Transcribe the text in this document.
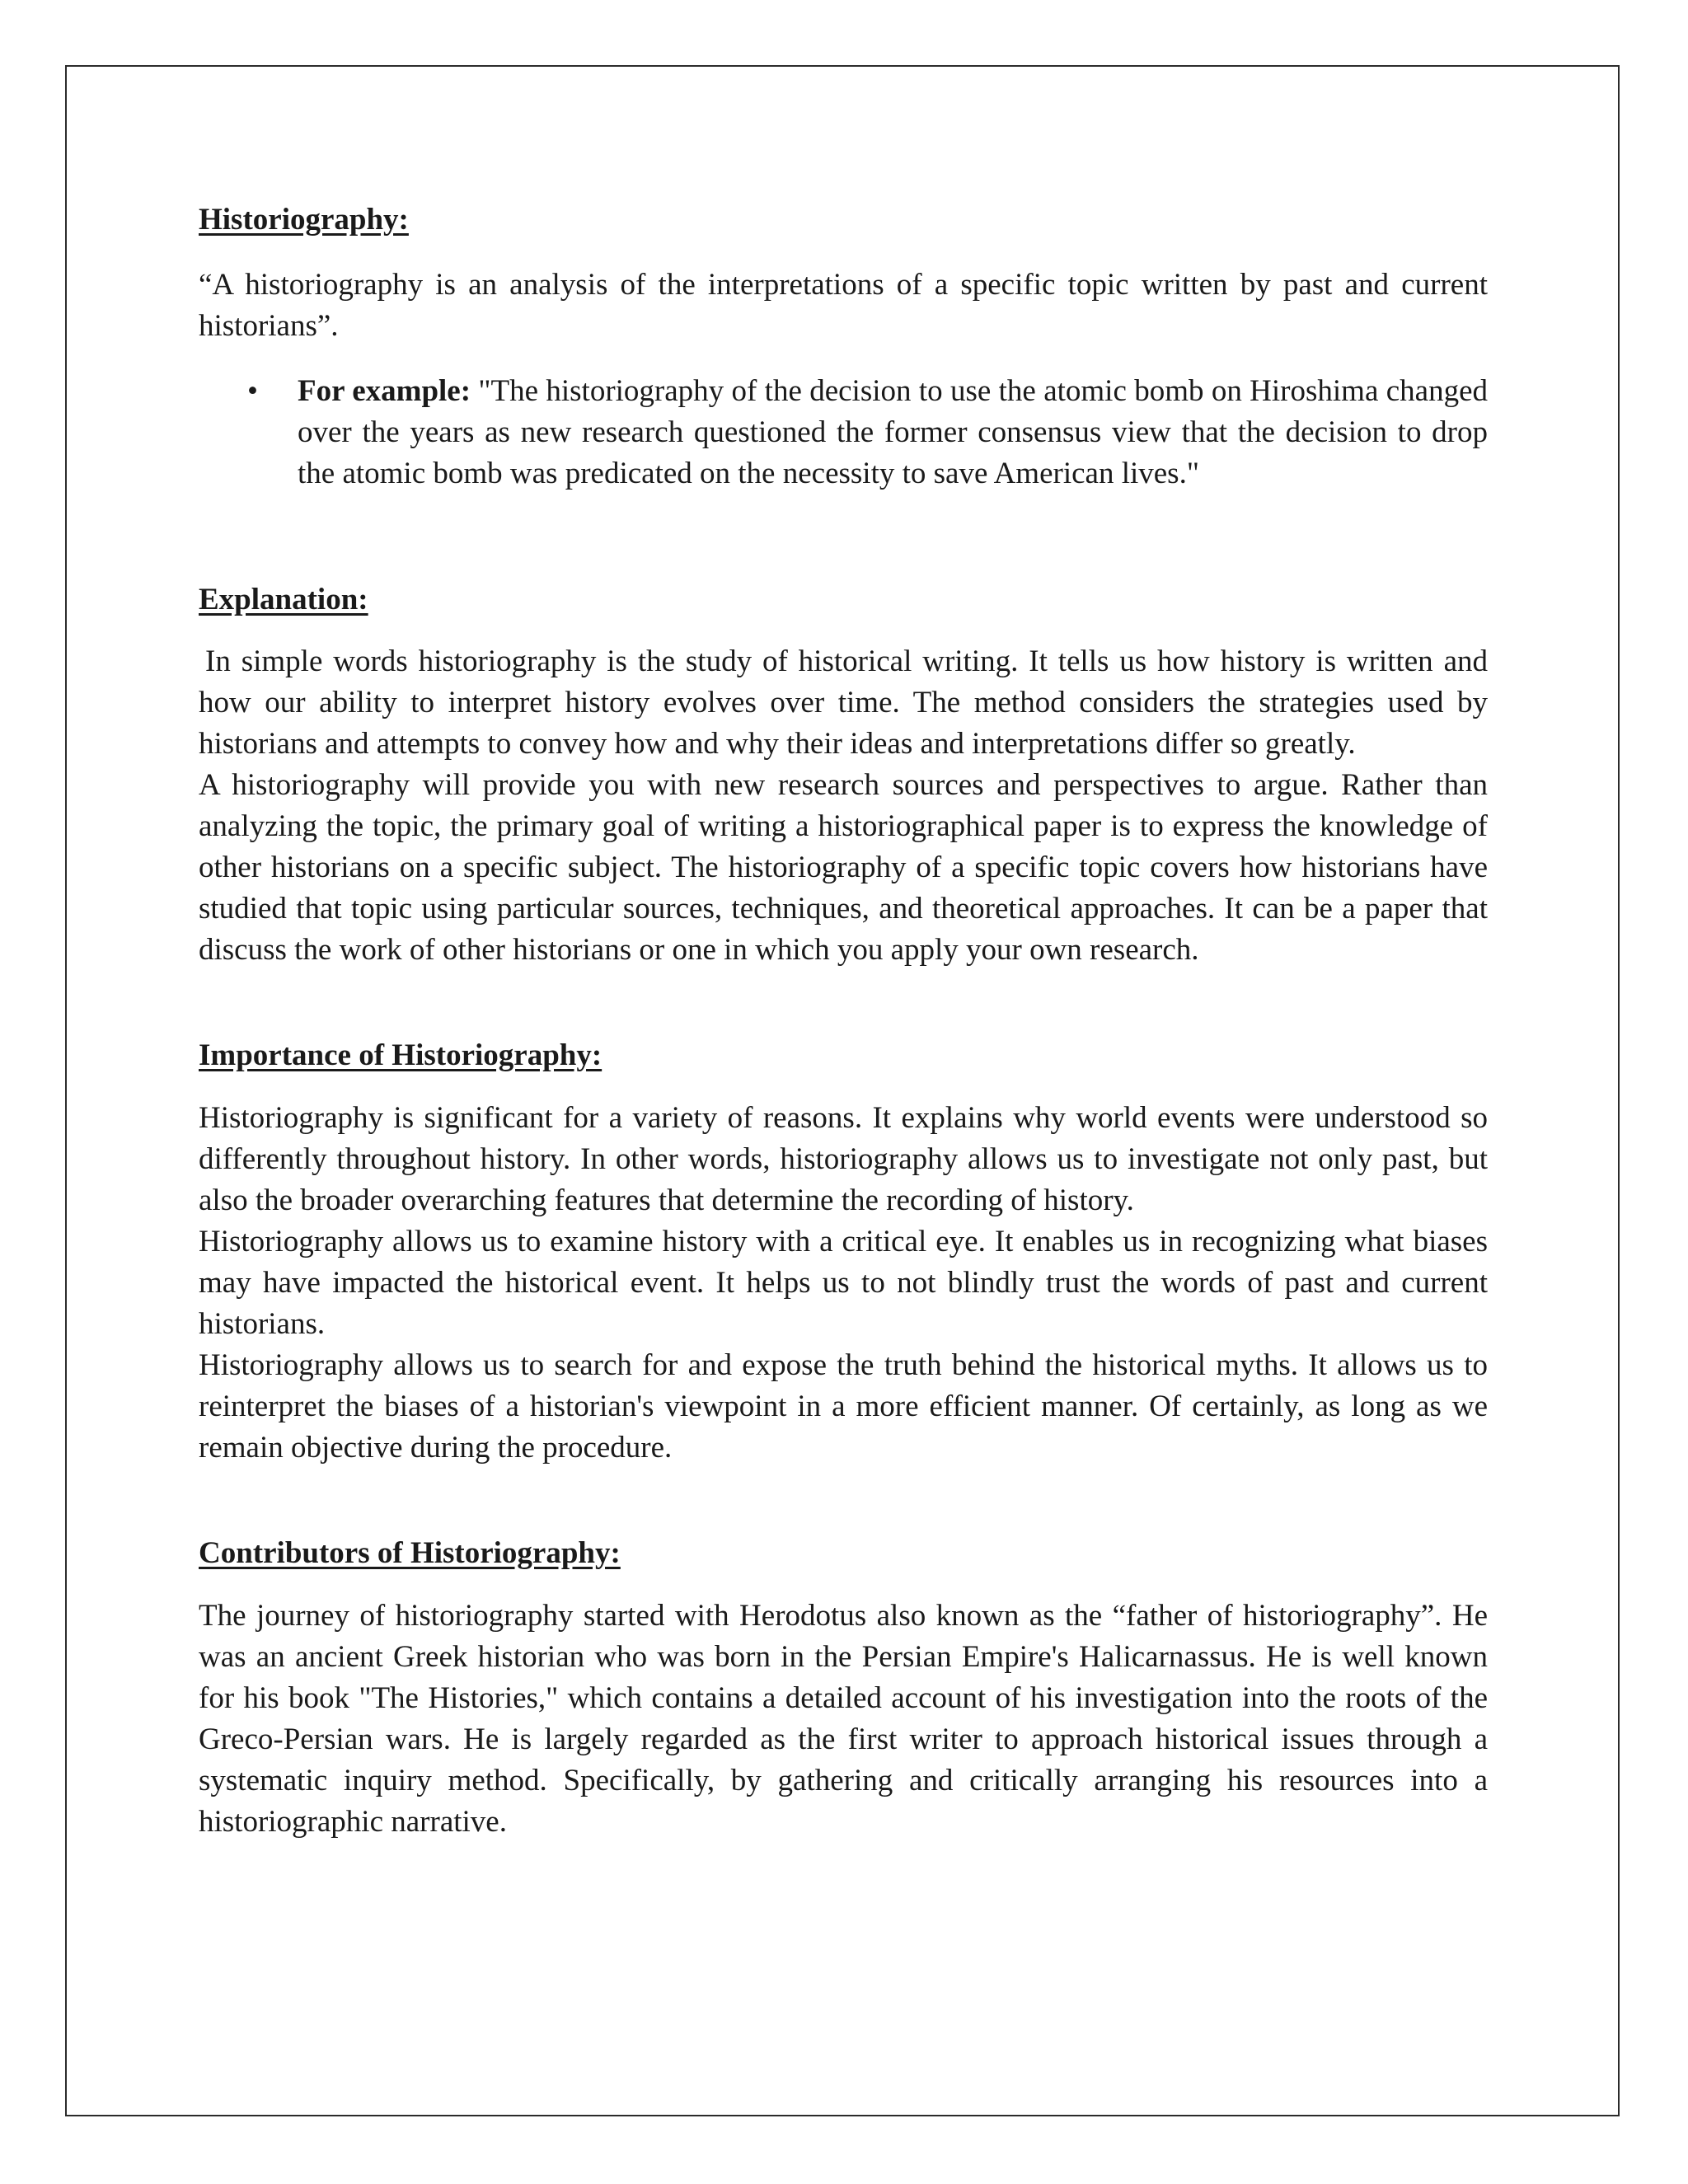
Historiography:

“A historiography is an analysis of the interpretations of a specific topic written by past and current historians”.

• For example: "The historiography of the decision to use the atomic bomb on Hiroshima changed over the years as new research questioned the former consensus view that the decision to drop the atomic bomb was predicated on the necessity to save American lives."

Explanation:

In simple words historiography is the study of historical writing. It tells us how history is written and how our ability to interpret history evolves over time. The method considers the strategies used by historians and attempts to convey how and why their ideas and interpretations differ so greatly.

A historiography will provide you with new research sources and perspectives to argue. Rather than analyzing the topic, the primary goal of writing a historiographical paper is to express the knowledge of other historians on a specific subject. The historiography of a specific topic covers how historians have studied that topic using particular sources, techniques, and theoretical approaches. It can be a paper that discuss the work of other historians or one in which you apply your own research.

Importance of Historiography:

Historiography is significant for a variety of reasons. It explains why world events were understood so differently throughout history. In other words, historiography allows us to investigate not only past, but also the broader overarching features that determine the recording of history.

Historiography allows us to examine history with a critical eye. It enables us in recognizing what biases may have impacted the historical event. It helps us to not blindly trust the words of past and current historians.

Historiography allows us to search for and expose the truth behind the historical myths. It allows us to reinterpret the biases of a historian's viewpoint in a more efficient manner. Of certainly, as long as we remain objective during the procedure.

Contributors of Historiography:

The journey of historiography started with Herodotus also known as the “father of historiography”. He was an ancient Greek historian who was born in the Persian Empire's Halicarnassus. He is well known for his book "The Histories," which contains a detailed account of his investigation into the roots of the Greco-Persian wars. He is largely regarded as the first writer to approach historical issues through a systematic inquiry method. Specifically, by gathering and critically arranging his resources into a historiographic narrative.
